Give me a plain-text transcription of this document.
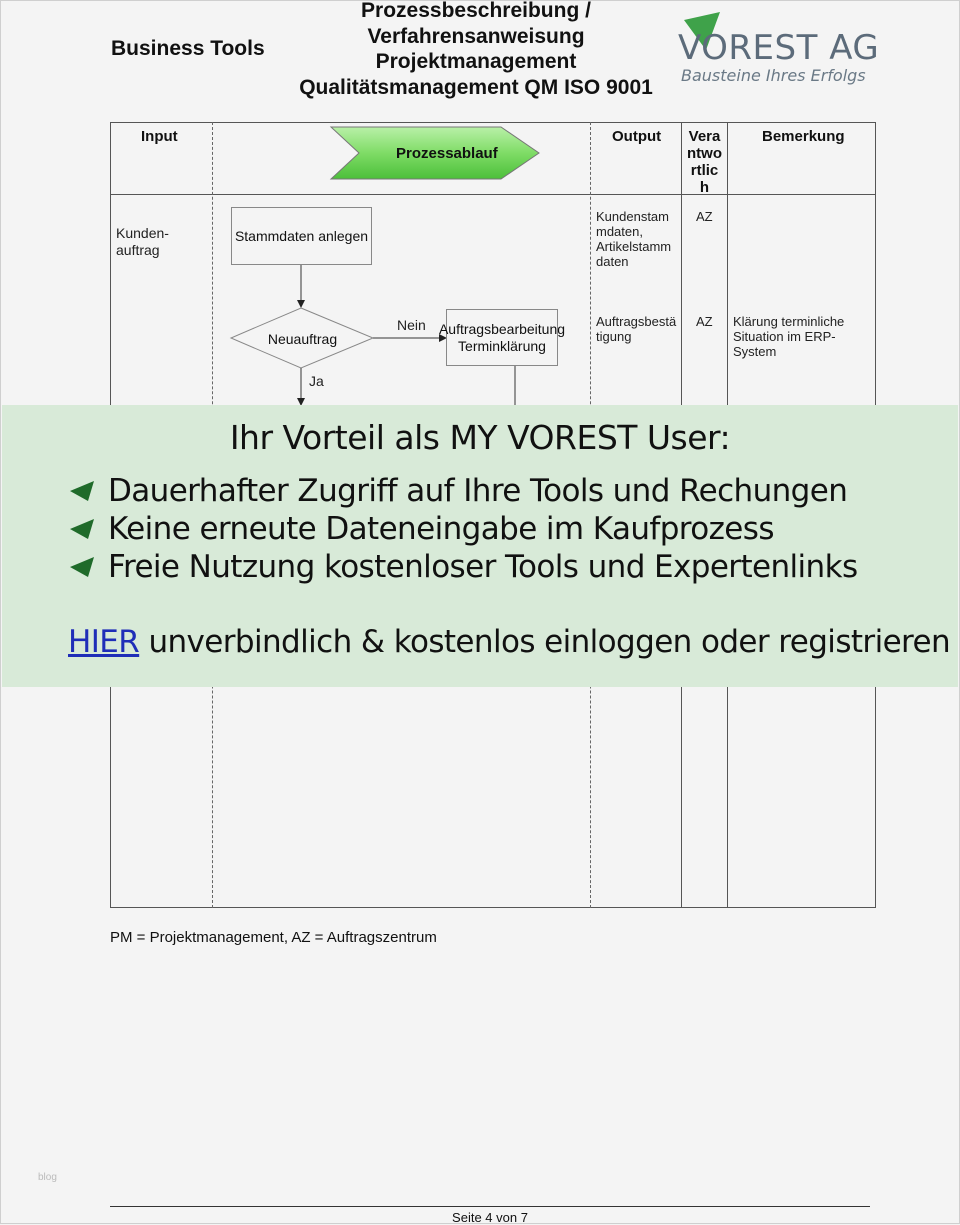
Business Tools
Prozessbeschreibung /
Verfahrensanweisung
Projektmanagement
Qualitätsmanagement QM ISO 9001
VOREST AG
Bausteine Ihres Erfolgs
Input
Prozessablauf
Output	Vera
ntwo
rtlic
h
Bemerkung
Kunden-
auftrag
Stammdaten anlegen
Kundenstam
mdaten,
Artikelstamm
daten
AZ
Neuauftrag
Nein
Ja
Auftragsbearbeitung
Terminklärung
Auftragsbestä
tigung
AZ Klärung terminliche
Situation im ERP-
System
Ihr Vorteil als MY VOREST User:
Dauerhafter Zugriff auf Ihre Tools und Rechungen
Keine erneute Dateneingabe im Kaufprozess
Freie Nutzung kostenloser Tools und Expertenlinks
HIER unverbindlich & kostenlos einloggen oder registrieren
PM = Projektmanagement, AZ = Auftragszentrum
blog
Seite 4 von 7
